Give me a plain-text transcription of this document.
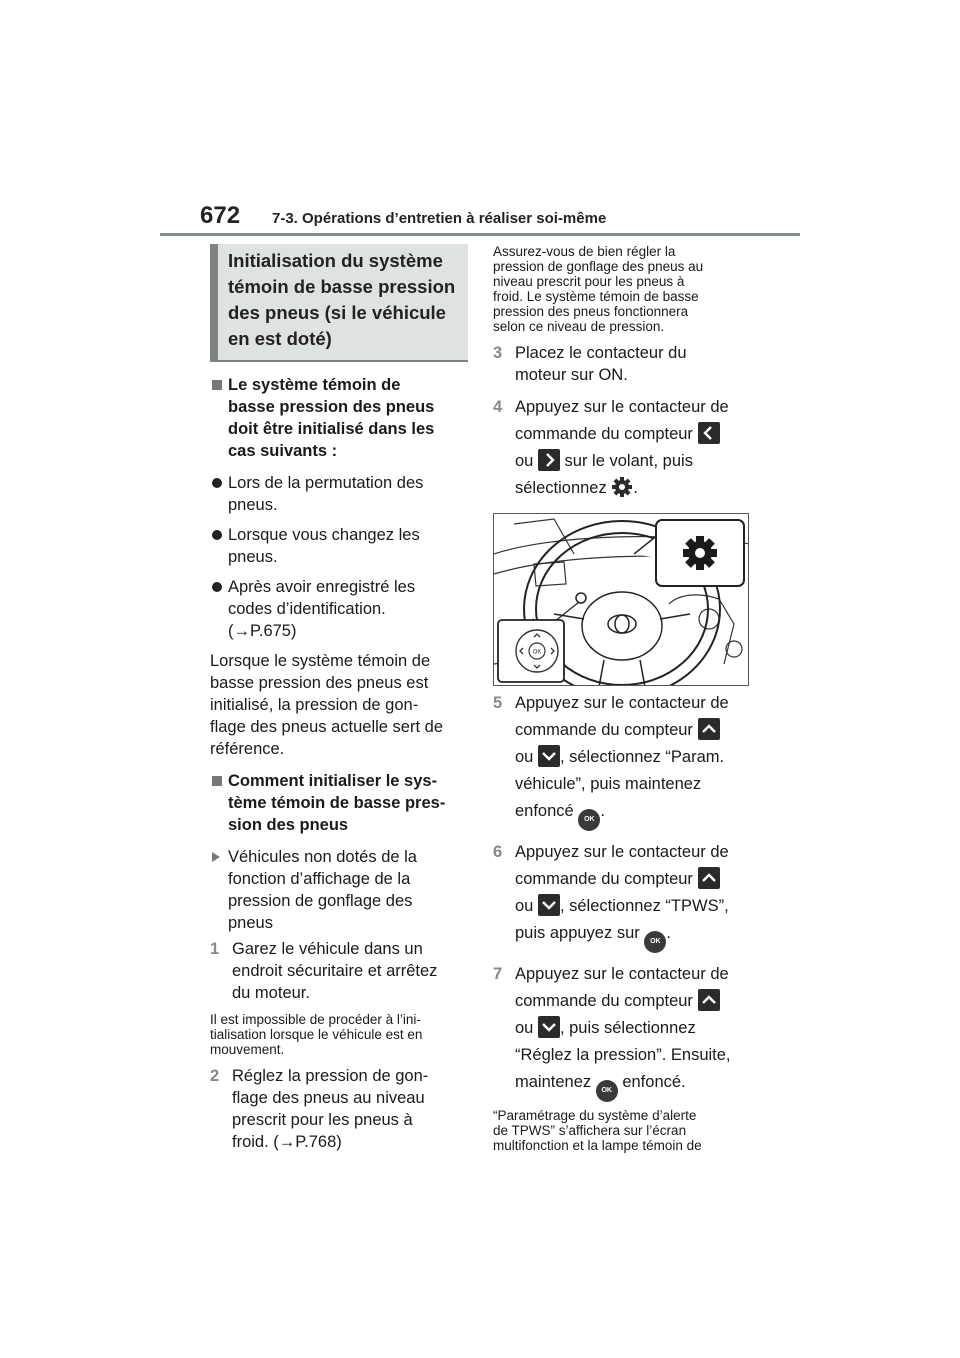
672 7-3. Opérations d’entretien à réaliser soi-même
Initialisation du système
témoin de basse pression
des pneus (si le véhicule
en est doté)
Le système témoin de
basse pression des pneus
doit être initialisé dans les
cas suivants :
Lors de la permutation des
pneus.
Lorsque vous changez les
pneus.
Après avoir enregistré les
codes d’identification.
(→P.675)
Lorsque le système témoin de
basse pression des pneus est
initialisé, la pression de gon-
flage des pneus actuelle sert de
référence.
Comment initialiser le sys-
tème témoin de basse pres-
sion des pneus
Véhicules non dotés de la
fonction d’affichage de la
pression de gonflage des
pneus
1 Garez le véhicule dans un
endroit sécuritaire et arrêtez
du moteur.
Il est impossible de procéder à l’ini-
tialisation lorsque le véhicule est en
mouvement.
2 Réglez la pression de gon-
flage des pneus au niveau
prescrit pour les pneus à
froid. (→P.768)
Assurez-vous de bien régler la
pression de gonflage des pneus au
niveau prescrit pour les pneus à
froid. Le système témoin de basse
pression des pneus fonctionnera
selon ce niveau de pression.
3 Placez le contacteur du
moteur sur ON.
4 Appuyez sur le contacteur de
commande du compteur
ou sur le volant, puis
sélectionnez .
OK
5 Appuyez sur le contacteur de
commande du compteur
ou , sélectionnez “Param.
véhicule”, puis maintenez
enfoncé OK .
6 Appuyez sur le contacteur de
commande du compteur
ou , sélectionnez “TPWS”,
puis appuyez sur OK .
7 Appuyez sur le contacteur de
commande du compteur
ou , puis sélectionnez
“Réglez la pression”. Ensuite,
maintenez OK enfoncé.
“Paramétrage du système d’alerte
de TPWS” s’affichera sur l’écran
multifonction et la lampe témoin de
